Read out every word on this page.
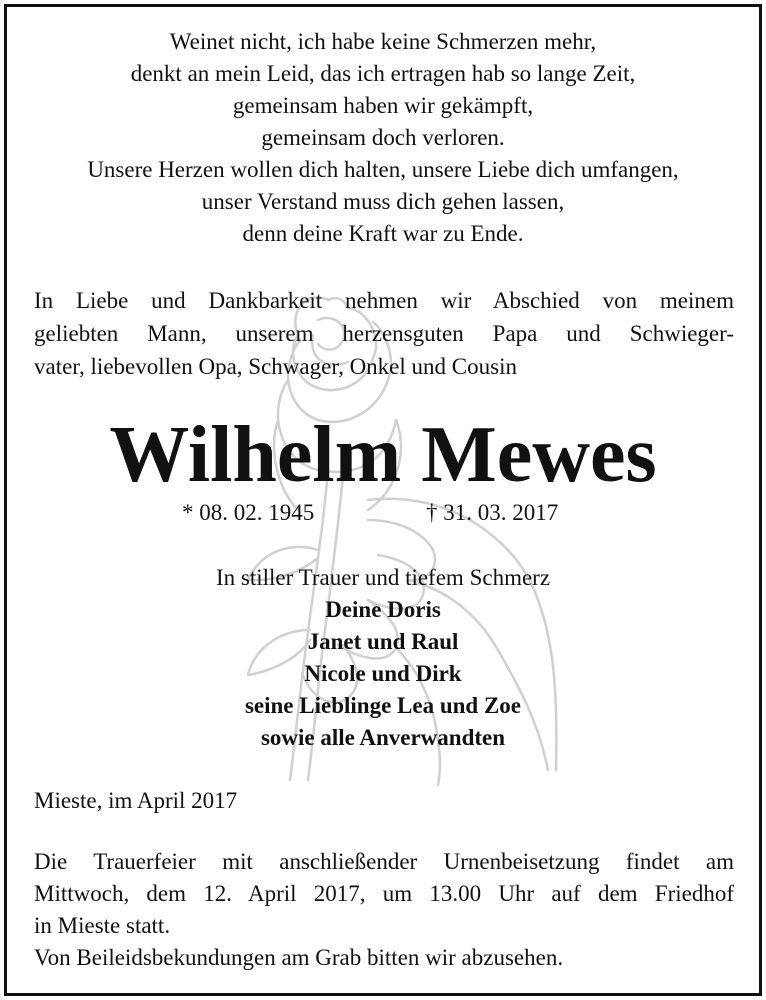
Weinet nicht, ich habe keine Schmerzen mehr,
denkt an mein Leid, das ich ertragen hab so lange Zeit,
gemeinsam haben wir gekämpft,
gemeinsam doch verloren.
Unsere Herzen wollen dich halten, unsere Liebe dich umfangen,
unser Verstand muss dich gehen lassen,
denn deine Kraft war zu Ende.
In Liebe und Dankbarkeit nehmen wir Abschied von meinem
geliebten Mann, unserem herzensguten Papa und Schwieger-
vater, liebevollen Opa, Schwager, Onkel und Cousin
Wilhelm Mewes
* 08. 02. 1945	† 31. 03. 2017
In stiller Trauer und tiefem Schmerz
Deine Doris
Janet und Raul
Nicole und Dirk
seine Lieblinge Lea und Zoe
sowie alle Anverwandten
Mieste, im April 2017
Die Trauerfeier mit anschließender Urnenbeisetzung findet am
Mittwoch, dem 12. April 2017, um 13.00 Uhr auf dem Friedhof
in Mieste statt.
Von Beileidsbekundungen am Grab bitten wir abzusehen.
